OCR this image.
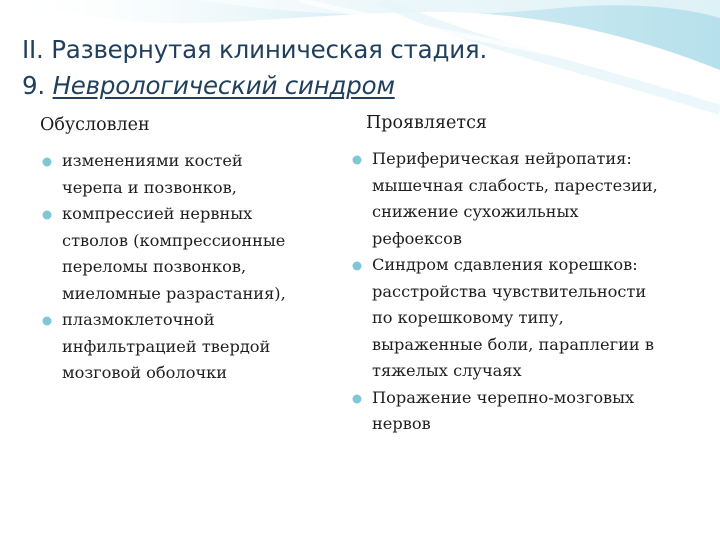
II. Развернутая клиническая стадия.
9. Неврологический синдром
Обусловлен	Проявляется
изменениями костей
черепа и позвонков,
компрессией нервных
стволов (компрессионные
переломы позвонков,
миеломные разрастания),
плазмоклеточной
инфильтрацией твердой
мозговой оболочки
Периферическая нейропатия:
мышечная слабость, парестезии,
снижение сухожильных
рефоексов
Синдром сдавления корешков:
расстройства чувствительности
по корешковому типу,
выраженные боли, параплегии в
тяжелых случаях
Поражение черепно-мозговых
нервов
